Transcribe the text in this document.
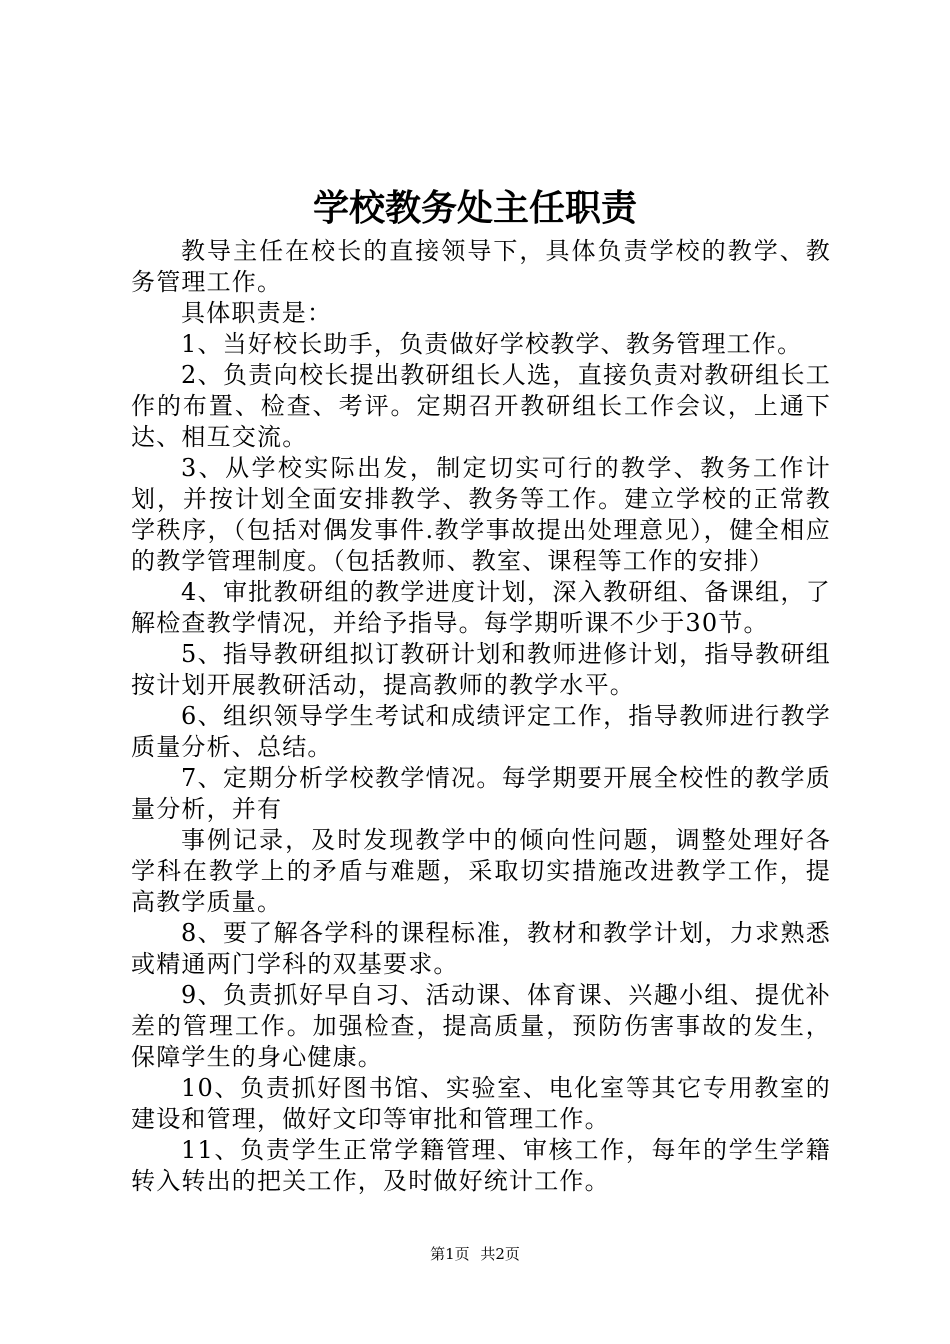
学校教务处主任职责

教导主任在校长的直接领导下，具体负责学校的教学、教务管理工作。

具体职责是：

1、当好校长助手，负责做好学校教学、教务管理工作。

2、负责向校长提出教研组长人选，直接负责对教研组长工作的布置、检查、考评。定期召开教研组长工作会议，上通下达、相互交流。

3、从学校实际出发，制定切实可行的教学、教务工作计划，并按计划全面安排教学、教务等工作。建立学校的正常教学秩序，（包括对偶发事件.教学事故提出处理意见），健全相应的教学管理制度。（包括教师、教室、课程等工作的安排）

4、审批教研组的教学进度计划，深入教研组、备课组，了解检查教学情况，并给予指导。每学期听课不少于30节。

5、指导教研组拟订教研计划和教师进修计划，指导教研组按计划开展教研活动，提高教师的教学水平。

6、组织领导学生考试和成绩评定工作，指导教师进行教学质量分析、总结。

7、定期分析学校教学情况。每学期要开展全校性的教学质量分析，并有

事例记录，及时发现教学中的倾向性问题，调整处理好各学科在教学上的矛盾与难题，采取切实措施改进教学工作，提高教学质量。

8、要了解各学科的课程标准，教材和教学计划，力求熟悉或精通两门学科的双基要求。

9、负责抓好早自习、活动课、体育课、兴趣小组、提优补差的管理工作。加强检查，提高质量，预防伤害事故的发生，保障学生的身心健康。

10、负责抓好图书馆、实验室、电化室等其它专用教室的建设和管理，做好文印等审批和管理工作。

11、负责学生正常学籍管理、审核工作，每年的学生学籍转入转出的把关工作，及时做好统计工作。

第1页 共2页
